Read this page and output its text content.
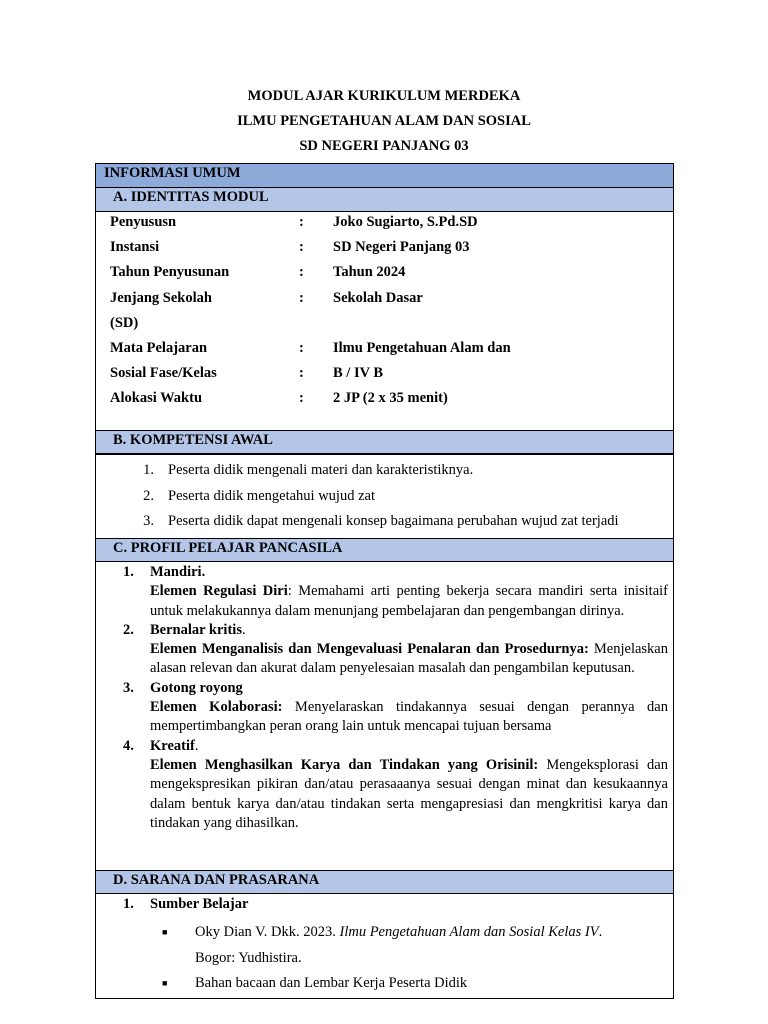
MODUL AJAR KURIKULUM MERDEKA
ILMU PENGETAHUAN ALAM DAN SOSIAL
SD NEGERI PANJANG 03
INFORMASI UMUM
A. IDENTITAS MODUL
Penyususn	:	Joko Sugiarto, S.Pd.SD
Instansi	:	SD Negeri Panjang 03
Tahun Penyusunan	:	Tahun 2024
Jenjang Sekolah	:	Sekolah Dasar
(SD)
Mata Pelajaran	:	Ilmu Pengetahuan Alam dan
Sosial Fase/Kelas	:	B / IV B
Alokasi Waktu	:	2 JP (2 x 35 menit)
B. KOMPETENSI AWAL
1. Peserta didik mengenali materi dan karakteristiknya.
2. Peserta didik mengetahui wujud zat
3. Peserta didik dapat mengenali konsep bagaimana perubahan wujud zat terjadi
C. PROFIL PELAJAR PANCASILA
1.	Mandiri.
Elemen Regulasi Diri: Memahami arti penting bekerja secara mandiri serta inisitaif untuk melakukannya dalam menunjang pembelajaran dan pengembangan dirinya.
2.	Bernalar kritis.
Elemen Menganalisis dan Mengevaluasi Penalaran dan Prosedurnya: Menjelaskan alasan relevan dan akurat dalam penyelesaian masalah dan pengambilan keputusan.
3.	Gotong royong
Elemen Kolaborasi: Menyelaraskan tindakannya sesuai dengan perannya dan mempertimbangkan peran orang lain untuk mencapai tujuan bersama
4.	Kreatif.
Elemen Menghasilkan Karya dan Tindakan yang Orisinil: Mengeksplorasi dan mengekspresikan pikiran dan/atau perasaaanya sesuai dengan minat dan kesukaannya dalam bentuk karya dan/atau tindakan serta mengapresiasi dan mengkritisi karya dan tindakan yang dihasilkan.
D. SARANA DAN PRASARANA
1.	Sumber Belajar
■	Oky Dian V. Dkk. 2023. Ilmu Pengetahuan Alam dan Sosial Kelas IV.
Bogor: Yudhistira.
■	Bahan bacaan dan Lembar Kerja Peserta Didik
